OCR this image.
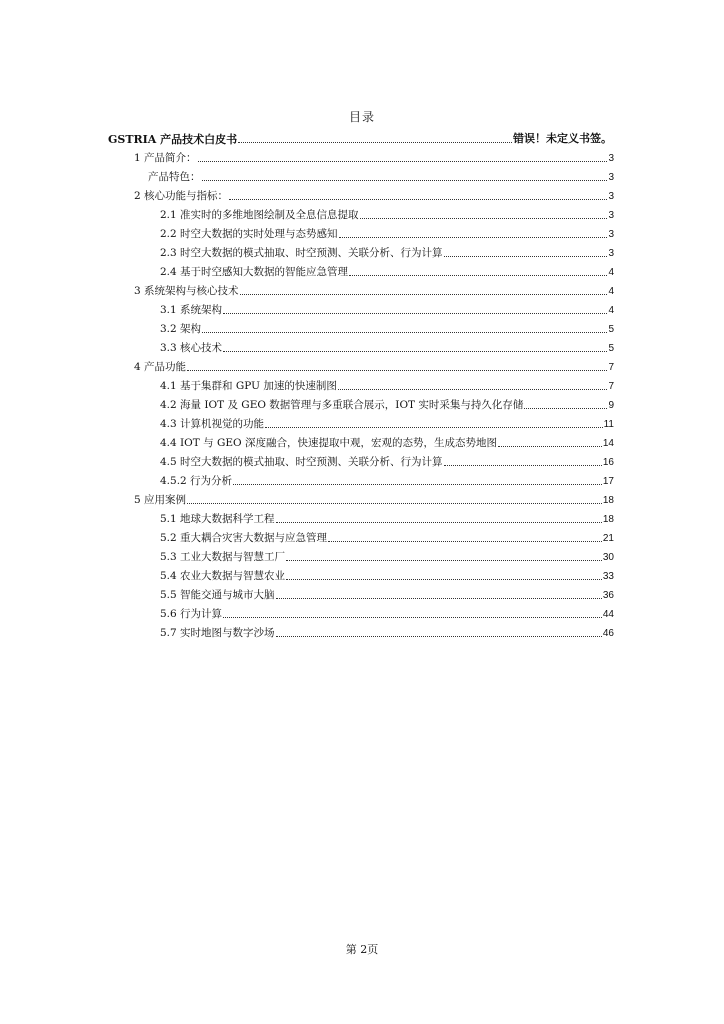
目录
GSTRIA 产品技术白皮书	错误！未定义书签。
1 产品简介：	3
产品特色：	3
2 核心功能与指标：	3
2.1 准实时的多维地图绘制及全息信息提取	3
2.2 时空大数据的实时处理与态势感知	3
2.3 时空大数据的模式抽取、时空预测、关联分析、行为计算	3
2.4 基于时空感知大数据的智能应急管理	4
3 系统架构与核心技术	4
3.1 系统架构	4
3.2 架构	5
3.3 核心技术	5
4 产品功能	7
4.1 基于集群和 GPU 加速的快速制图	7
4.2 海量 IOT 及 GEO 数据管理与多重联合展示，IOT 实时采集与持久化存储	9
4.3 计算机视觉的功能	11
4.4 IOT 与 GEO 深度融合，快速提取中观，宏观的态势，生成态势地图	14
4.5 时空大数据的模式抽取、时空预测、关联分析、行为计算	16
4.5.2 行为分析	17
5 应用案例	18
5.1 地球大数据科学工程	18
5.2 重大耦合灾害大数据与应急管理	21
5.3 工业大数据与智慧工厂	30
5.4 农业大数据与智慧农业	33
5.5 智能交通与城市大脑	36
5.6 行为计算	44
5.7 实时地图与数字沙场	46
第 2页
